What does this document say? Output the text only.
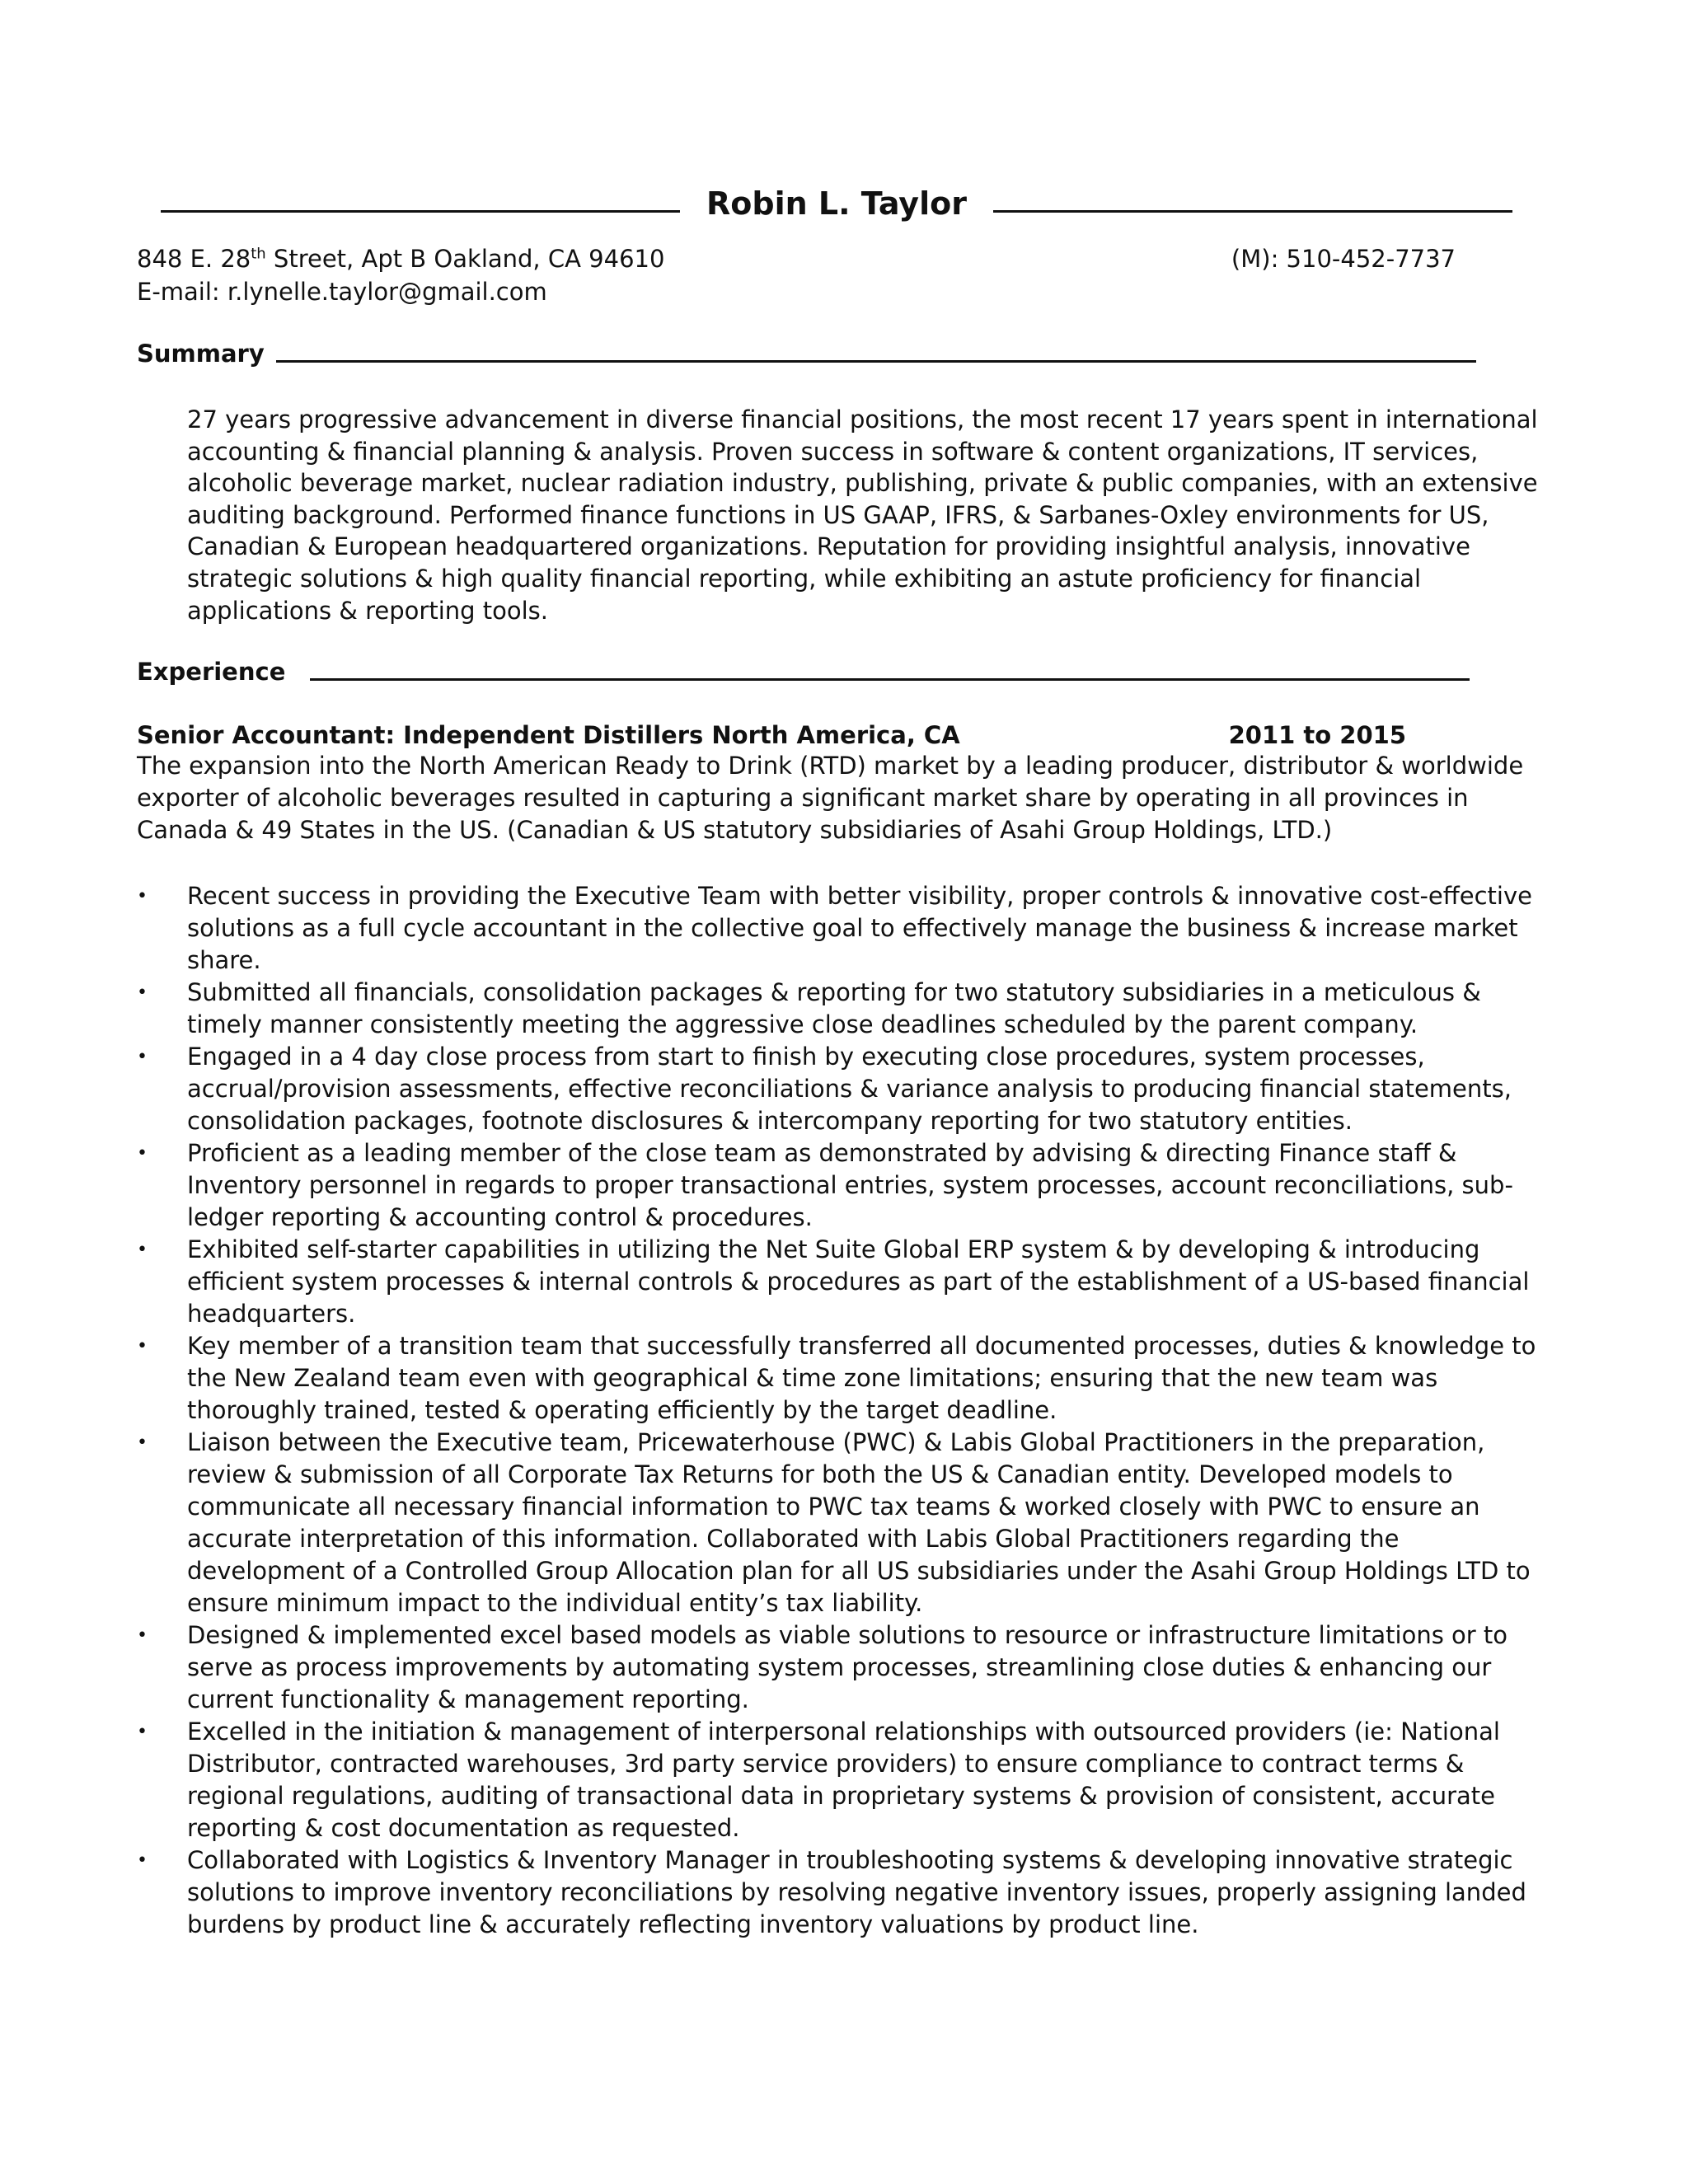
Robin L. Taylor
848 E. 28th Street, Apt B Oakland, CA 94610	(M): 510-452-7737
E-mail: r.lynelle.taylor@gmail.com
Summary
27 years progressive advancement in diverse financial positions, the most recent 17 years spent in international accounting & financial planning & analysis. Proven success in software & content organizations, IT services, alcoholic beverage market, nuclear radiation industry, publishing, private & public companies, with an extensive auditing background. Performed finance functions in US GAAP, IFRS, & Sarbanes-Oxley environments for US, Canadian & European headquartered organizations. Reputation for providing insightful analysis, innovative strategic solutions & high quality financial reporting, while exhibiting an astute proficiency for financial applications & reporting tools.
Experience
Senior Accountant: Independent Distillers North America, CA	2011 to 2015
The expansion into the North American Ready to Drink (RTD) market by a leading producer, distributor & worldwide exporter of alcoholic beverages resulted in capturing a significant market share by operating in all provinces in Canada & 49 States in the US. (Canadian & US statutory subsidiaries of Asahi Group Holdings, LTD.)
• Recent success in providing the Executive Team with better visibility, proper controls & innovative cost-effective solutions as a full cycle accountant in the collective goal to effectively manage the business & increase market share.
• Submitted all financials, consolidation packages & reporting for two statutory subsidiaries in a meticulous & timely manner consistently meeting the aggressive close deadlines scheduled by the parent company.
• Engaged in a 4 day close process from start to finish by executing close procedures, system processes, accrual/provision assessments, effective reconciliations & variance analysis to producing financial statements, consolidation packages, footnote disclosures & intercompany reporting for two statutory entities.
• Proficient as a leading member of the close team as demonstrated by advising & directing Finance staff & Inventory personnel in regards to proper transactional entries, system processes, account reconciliations, sub-ledger reporting & accounting control & procedures.
• Exhibited self-starter capabilities in utilizing the Net Suite Global ERP system & by developing & introducing efficient system processes & internal controls & procedures as part of the establishment of a US-based financial headquarters.
• Key member of a transition team that successfully transferred all documented processes, duties & knowledge to the New Zealand team even with geographical & time zone limitations; ensuring that the new team was thoroughly trained, tested & operating efficiently by the target deadline.
• Liaison between the Executive team, Pricewaterhouse (PWC) & Labis Global Practitioners in the preparation, review & submission of all Corporate Tax Returns for both the US & Canadian entity. Developed models to communicate all necessary financial information to PWC tax teams & worked closely with PWC to ensure an accurate interpretation of this information. Collaborated with Labis Global Practitioners regarding the development of a Controlled Group Allocation plan for all US subsidiaries under the Asahi Group Holdings LTD to ensure minimum impact to the individual entity’s tax liability.
• Designed & implemented excel based models as viable solutions to resource or infrastructure limitations or to serve as process improvements by automating system processes, streamlining close duties & enhancing our current functionality & management reporting.
• Excelled in the initiation & management of interpersonal relationships with outsourced providers (ie: National Distributor, contracted warehouses, 3rd party service providers) to ensure compliance to contract terms & regional regulations, auditing of transactional data in proprietary systems & provision of consistent, accurate reporting & cost documentation as requested.
• Collaborated with Logistics & Inventory Manager in troubleshooting systems & developing innovative strategic solutions to improve inventory reconciliations by resolving negative inventory issues, properly assigning landed burdens by product line & accurately reflecting inventory valuations by product line.
